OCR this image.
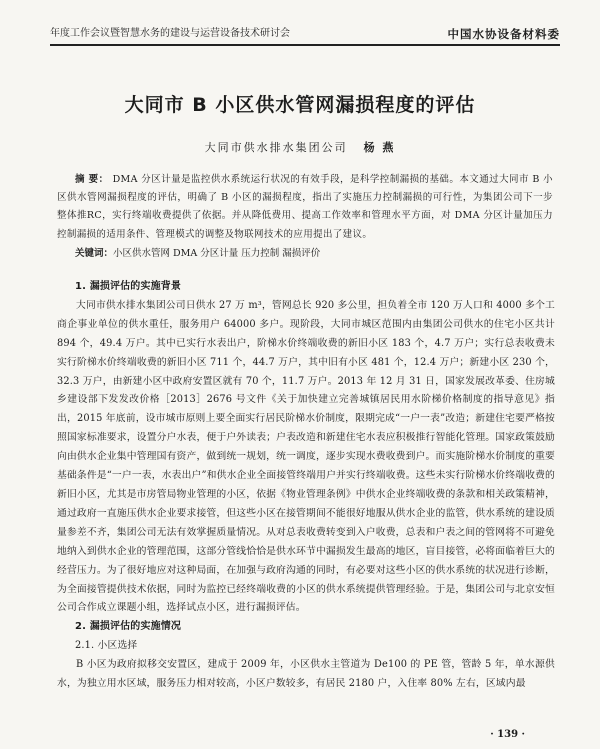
年度工作会议暨智慧水务的建设与运营设备技术研讨会	中国水协设备材料委
大同市 B 小区供水管网漏损程度的评估
大同市供水排水集团公司 杨 燕
摘 要： DMA 分区计量是监控供水系统运行状况的有效手段，是科学控制漏损的基础。本文通过大同市 B 小区供水管网漏损程度的评估，明确了 B 小区的漏损程度，指出了实施压力控制漏损的可行性，为集团公司下一步整体推RC，实行终端收费提供了依据。并从降低费用、提高工作效率和管理水平方面，对 DMA 分区计量加压力控制漏损的适用条件、管理模式的调整及物联网技术的应用提出了建议。
关键词：小区供水管网 DMA 分区计量 压力控制 漏损评价
1. 漏损评估的实施背景

大同市供水排水集团公司日供水 27 万 m³，管网总长 920 多公里，担负着全市 120 万人口和 4000 多个工商企事业单位的供水重任，服务用户 64000 多户。现阶段，大同市城区范围内由集团公司供水的住宅小区共计 894 个，49.4 万户。其中已实行水表出户，阶梯水价终端收费的新旧小区 183 个，4.7 万户；实行总表收费未实行阶梯水价终端收费的新旧小区 711 个，44.7 万户，其中旧有小区 481 个，12.4 万户；新建小区 230 个，32.3 万户，由新建小区中政府安置区就有 70 个，11.7 万户。2013 年 12 月 31 日，国家发展改革委、住房城乡建设部下发发改价格［2013］2676 号文件《关于加快建立完善城镇居民用水阶梯价格制度的指导意见》指出，2015 年底前，设市城市原则上要全面实行居民阶梯水价制度，限期完成“一户一表”改造；新建住宅要严格按照国家标准要求，设置分户水表，便于户外读表；户表改造和新建住宅水表应积极推行智能化管理。国家政策鼓励向由供水企业集中管理国有资产，做到统一规划，统一调度，逐步实现水费收费到户。而实施阶梯水价制度的重要基础条件是“一户一表，水表出户”和供水企业全面接管终端用户并实行终端收费。这些未实行阶梯水价终端收费的新旧小区，尤其是市房管局物业管理的小区，依据《物业管理条例》中供水企业终端收费的条款和相关政策精神，通过政府一直施压供水企业要求接管，但这些小区在接管期间不能很好地服从供水企业的监管，供水系统的建设质量参差不齐，集团公司无法有效掌握质量情况。从对总表收费转变到入户收费，总表和户表之间的管网将不可避免地纳入到供水企业的管理范围，这部分管线恰恰是供水环节中漏损发生最高的地区，盲目接管，必将面临着巨大的经营压力。为了很好地应对这种局面，在加强与政府沟通的同时，有必要对这些小区的供水系统的状况进行诊断，为全面接管提供技术依据，同时为监控已经终端收费的小区的供水系统提供管理经验。于是，集团公司与北京安恒公司合作成立课题小组，选择试点小区，进行漏损评估。

2. 漏损评估的实施情况
2.1. 小区选择

B 小区为政府拟移交安置区，建成于 2009 年，小区供水主管道为 De100 的 PE 管，管龄 5 年，单水源供水，为独立用水区域，服务压力相对较高，小区户数较多，有居民 2180 户，入住率 80% 左右，区域内最

· 139 ·
